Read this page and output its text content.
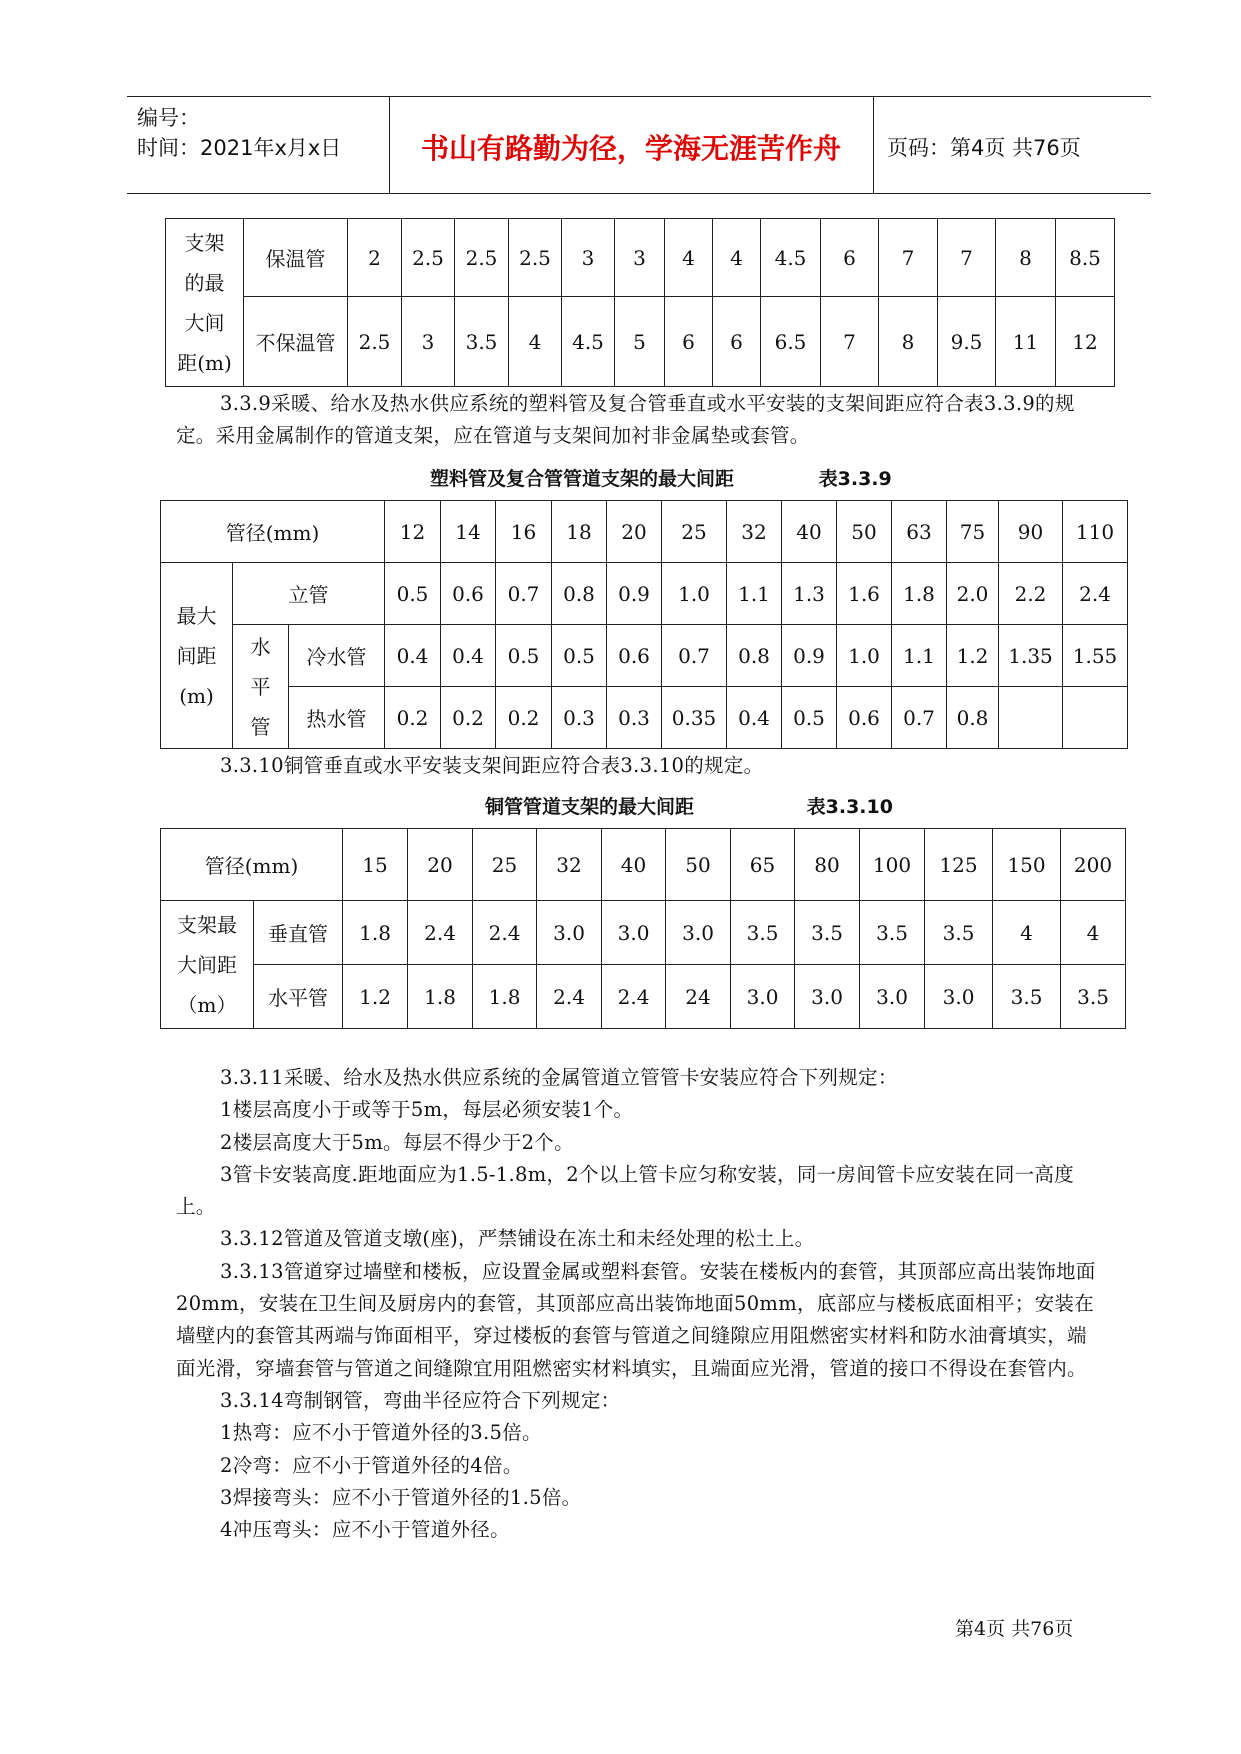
编号：
时间：2021年x月x日	书山有路勤为径，学海无涯苦作舟	页码：第4页 共76页
支架
的最
大间
距(m)	保温管	2	2.5	2.5	2.5	3	3	4	4	4.5	6	7	7	8	8.5
	不保温管	2.5	3	3.5	4	4.5	5	6	6	6.5	7	8	9.5	11	12

3.3.9采暖、给水及热水供应系统的塑料管及复合管垂直或水平安装的支架间距应符合表3.3.9的规定。采用金属制作的管道支架，应在管道与支架间加衬非金属垫或套管。

塑料管及复合管管道支架的最大间距	表3.3.9
管径(mm)			12	14	16	18	20	25	32	40	50	63	75	90	110

最大
间距
(m)	立管		0.5	0.6	0.7	0.8	0.9	1.0	1.1	1.3	1.6	1.8	2.0	2.2	2.4

	水
平
管	冷水管	0.4	0.4	0.5	0.5	0.6	0.7	0.8	0.9	1.0	1.1	1.2	1.35	1.55
		热水管	0.2	0.2	0.2	0.3	0.3	0.35	0.4	0.5	0.6	0.7	0.8		

3.3.10铜管垂直或水平安装支架间距应符合表3.3.10的规定。

铜管管道支架的最大间距	表3.3.10
管径(mm)		15	20	25	32	40	50	65	80	100	125	150	200

支架最
大间距
（m）	垂直管	1.8	2.4	2.4	3.0	3.0	3.0	3.5	3.5	3.5	3.5	4	4
	水平管	1.2	1.8	1.8	2.4	2.4	24	3.0	3.0	3.0	3.0	3.5	3.5

3.3.11采暖、给水及热水供应系统的金属管道立管管卡安装应符合下列规定：

1楼层高度小于或等于5m，每层必须安装1个。

2楼层高度大于5m。每层不得少于2个。

3管卡安装高度.距地面应为1.5-1.8m，2个以上管卡应匀称安装，同一房间管卡应安装在同一高度上。

3.3.12管道及管道支墩(座)，严禁铺设在冻土和未经处理的松土上。

3.3.13管道穿过墙壁和楼板，应设置金属或塑料套管。安装在楼板内的套管，其顶部应高出装饰地面20mm，安装在卫生间及厨房内的套管，其顶部应高出装饰地面50mm，底部应与楼板底面相平；安装在墙壁内的套管其两端与饰面相平，穿过楼板的套管与管道之间缝隙应用阻燃密实材料和防水油膏填实，端面光滑，穿墙套管与管道之间缝隙宜用阻燃密实材料填实，且端面应光滑，管道的接口不得设在套管内。

3.3.14弯制钢管，弯曲半径应符合下列规定：

1热弯：应不小于管道外径的3.5倍。

2冷弯：应不小于管道外径的4倍。

3焊接弯头：应不小于管道外径的1.5倍。

4冲压弯头：应不小于管道外径。

第4页 共76页
